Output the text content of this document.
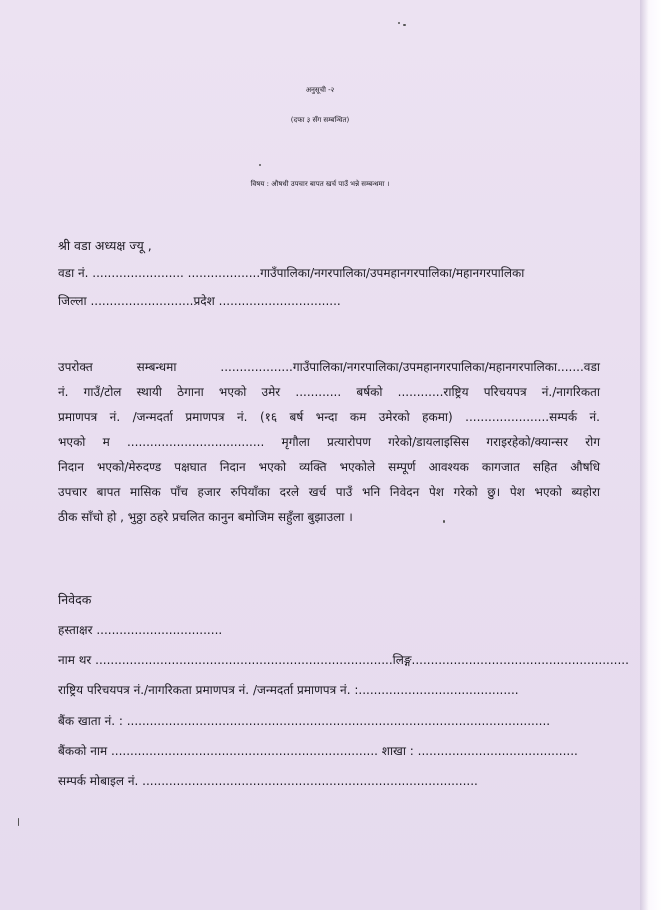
अनुसूची -२
(दफा ३ सँग सम्बन्धित)
विषय : औषधी उपचार बापत खर्च पाउँ भन्ने सम्बन्धमा ।
श्री वडा अध्यक्ष ज्यू ,
वडा नं. ........................ ...................गाउँपालिका/नगरपालिका/उपमहानगरपालिका/महानगरपालिका
जिल्ला ...........................प्रदेश ................................
उपरोक्त सम्बन्धमा ...................गाउँपालिका/नगरपालिका/उपमहानगरपालिका/महानगरपालिका.......वडा
नं. गाउँ/टोल स्थायी ठेगाना भएको उमेर ............ बर्षको ............राष्ट्रिय परिचयपत्र नं./नागरिकता
प्रमाणपत्र नं. /जन्मदर्ता प्रमाणपत्र नं. (१६ बर्ष भन्दा कम उमेरको हकमा) ......................सम्पर्क नं.
भएको म .................................... मृगौला प्रत्यारोपण गरेको/डायलाइसिस गराइरहेको/क्यान्सर रोग
निदान भएको/मेरुदण्ड पक्षघात निदान भएको व्यक्ति भएकोले सम्पूर्ण आवश्यक कागजात सहित औषधि
उपचार बापत मासिक पाँच हजार रुपियाँका दरले खर्च पाउँ भनि निवेदन पेश गरेको छु। पेश भएको ब्यहोरा
ठीक साँचो हो , भुठ्ठा ठहरे प्रचलित कानुन बमोजिम सहुँला बुझाउला ।
निवेदक
हस्ताक्षर .................................
नाम थर ..............................................................................लिङ्ग.........................................................
राष्ट्रिय परिचयपत्र नं./नागरिकता प्रमाणपत्र नं. /जन्मदर्ता प्रमाणपत्र नं. :..........................................
बैंक खाता नं. : ...............................................................................................................
बैंकको नाम ...................................................................... शाखा : ..........................................
सम्पर्क मोबाइल नं. ........................................................................................
